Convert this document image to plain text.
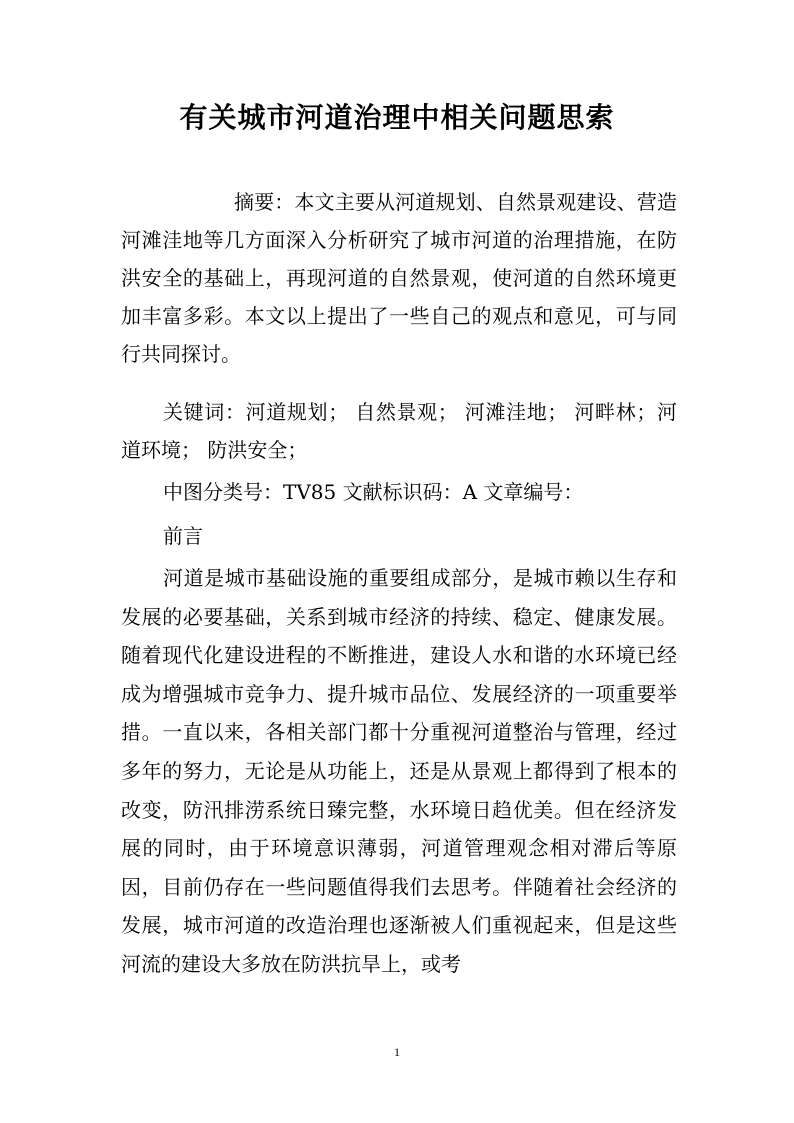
有关城市河道治理中相关问题思索
摘要：本文主要从河道规划、自然景观建设、营造河滩洼地等几方面深入分析研究了城市河道的治理措施，在防洪安全的基础上，再现河道的自然景观，使河道的自然环境更加丰富多彩。本文以上提出了一些自己的观点和意见，可与同行共同探讨。
关键词：河道规划； 自然景观； 河滩洼地； 河畔林；河道环境； 防洪安全；
中图分类号：TV85 文献标识码：A 文章编号：
前言
河道是城市基础设施的重要组成部分，是城市赖以生存和发展的必要基础，关系到城市经济的持续、稳定、健康发展。随着现代化建设进程的不断推进，建设人水和谐的水环境已经成为增强城市竞争力、提升城市品位、发展经济的一项重要举措。一直以来，各相关部门都十分重视河道整治与管理，经过多年的努力，无论是从功能上，还是从景观上都得到了根本的改变，防汛排涝系统日臻完整，水环境日趋优美。但在经济发展的同时，由于环境意识薄弱，河道管理观念相对滞后等原因，目前仍存在一些问题值得我们去思考。伴随着社会经济的发展，城市河道的改造治理也逐渐被人们重视起来，但是这些河流的建设大多放在防洪抗旱上，或考
1
